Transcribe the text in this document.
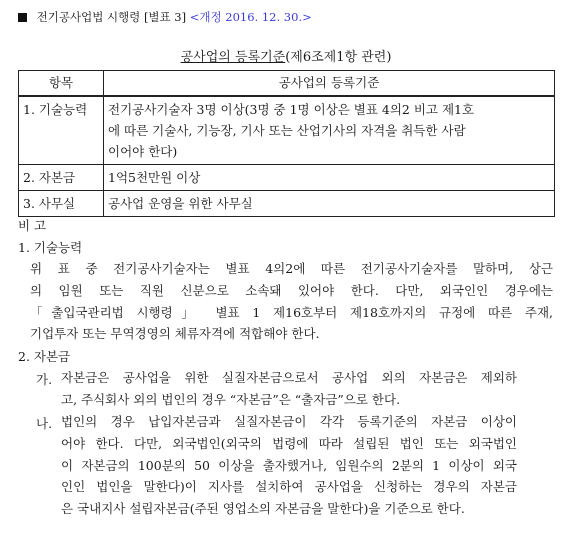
전기공사업법 시행령 [별표 3] <개정 2016. 12. 30.>
공사업의 등록기준(제6조제1항 관련)
항목	공사업의 등록기준
1. 기술능력	전기공사기술자 3명 이상(3명 중 1명 이상은 별표 4의2 비고 제1호
에 따른 기술사, 기능장, 기사 또는 산업기사의 자격을 취득한 사람
이어야 한다)

2. 자본금	1억5천만원 이상
3. 사무실	공사업 운영을 위한 사무실
비 고
1. 기술능력
위 표 중 전기공사기술자는 별표 4의2에 따른 전기공사기술자를 말하며, 상근
의 임원 또는 직원 신분으로 소속돼 있어야 한다. 다만, 외국인인 경우에는
「출입국관리법 시행령」 별표 1 제16호부터 제18호까지의 규정에 따른 주재,
기업투자 또는 무역경영의 체류자격에 적합해야 한다.
2. 자본금
가. 자본금은 공사업을 위한 실질자본금으로서 공사업 외의 자본금은 제외하
고, 주식회사 외의 법인의 경우 “자본금”은 “출자금”으로 한다.
나. 법인의 경우 납입자본금과 실질자본금이 각각 등록기준의 자본금 이상이
어야 한다. 다만, 외국법인(외국의 법령에 따라 설립된 법인 또는 외국법인
이 자본금의 100분의 50 이상을 출자했거나, 임원수의 2분의 1 이상이 외국
인인 법인을 말한다)이 지사를 설치하여 공사업을 신청하는 경우의 자본금
은 국내지사 설립자본금(주된 영업소의 자본금을 말한다)을 기준으로 한다.
